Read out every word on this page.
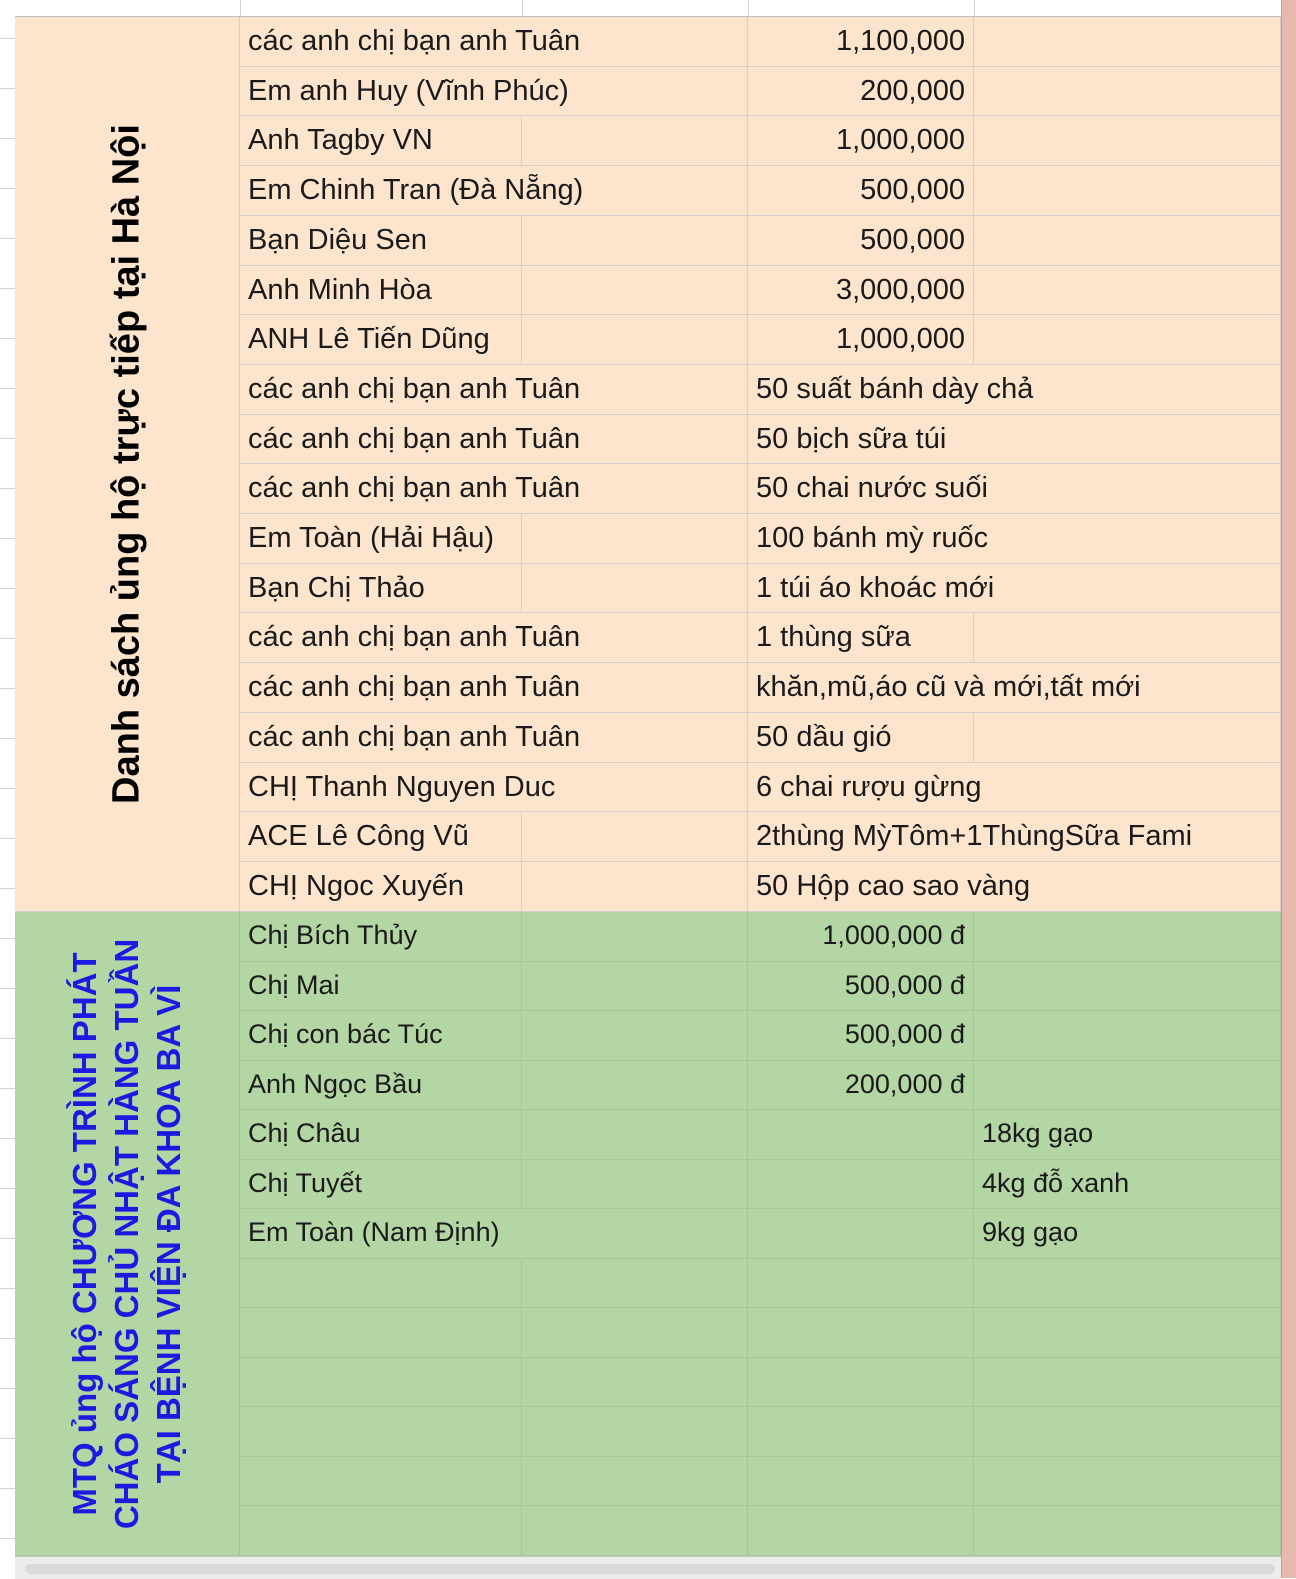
Danh sách ủng hộ trực tiếp tại Hà Nội
các anh chị bạn anh Tuân	1,100,000
Em anh Huy (Vĩnh Phúc)	200,000
Anh Tagby VN	1,000,000
Em Chinh Tran (Đà Nẵng)	500,000
Bạn Diệu Sen	500,000
Anh Minh Hòa	3,000,000
ANH Lê Tiến Dũng	1,000,000
các anh chị bạn anh Tuân	50 suất bánh dày chả
các anh chị bạn anh Tuân	50 bịch sữa túi
các anh chị bạn anh Tuân	50 chai nước suối
Em Toàn (Hải Hậu)	100 bánh mỳ ruốc
Bạn Chị Thảo	1 túi áo khoác mới
các anh chị bạn anh Tuân	1 thùng sữa
các anh chị bạn anh Tuân	khăn,mũ,áo cũ và mới,tất mới
các anh chị bạn anh Tuân	50 dầu gió
CHỊ Thanh Nguyen Duc	6 chai rượu gừng
ACE Lê Công Vũ	2thùng MỳTôm+1ThùngSữa Fami
CHỊ Ngoc Xuyến	50 Hộp cao sao vàng
MTQ ủng hộ CHƯƠNG TRÌNH PHÁT CHÁO SÁNG CHỦ NHẬT HÀNG TUẦN TẠI BỆNH VIỆN ĐA KHOA BA VÌ
Chị Bích Thủy	1,000,000 đ
Chị Mai	500,000 đ
Chị con bác Túc	500,000 đ
Anh Ngọc Bầu	200,000 đ
Chị Châu	18kg gạo
Chị Tuyết	4kg đỗ xanh
Em Toàn (Nam Định)	9kg gạo
